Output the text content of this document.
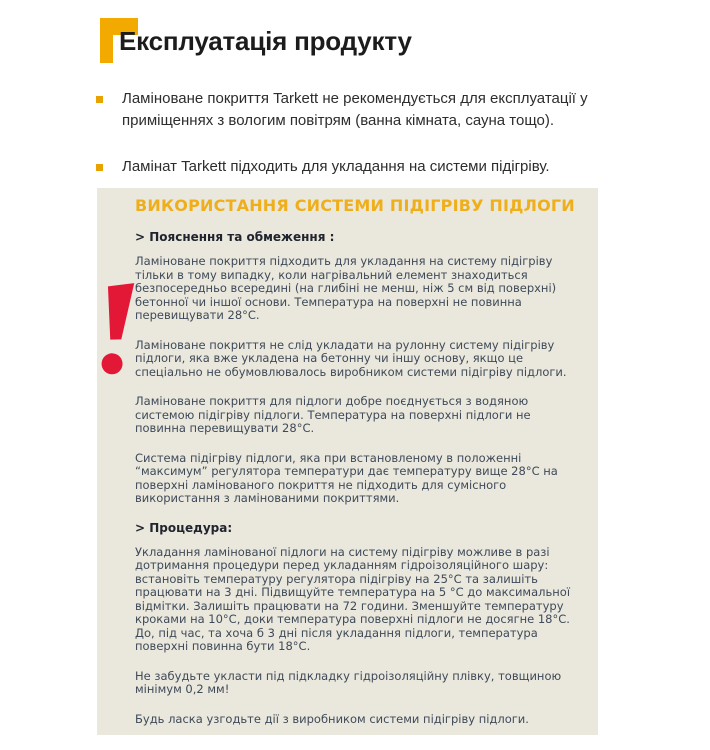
Експлуатація продукту
Ламіноване покриття Tarkett не рекомендується для експлуатації у приміщеннях з вологим повітрям (ванна кімната, сауна тощо).
Ламінат Tarkett підходить для укладання на системи підігріву.
ВИКОРИСТАННЯ СИСТЕМИ ПІДІГРІВУ ПІДЛОГИ
> Пояснення та обмеження :

Ламіноване покриття підходить для укладання на систему підігріву тільки в тому випадку, коли нагрівальний елемент знаходиться безпосередньо всередині (на глибіні не менш, ніж 5 см від поверхні) бетонної чи іншої основи. Температура на поверхні не повинна перевищувати 28°С.

Ламіноване покриття не слід укладати на рулонну систему підігріву підлоги, яка вже укладена на бетонну чи іншу основу, якщо це спеціально не обумовлювалось виробником системи підігріву підлоги.

Ламіноване покриття для підлоги добре поєднується з водяною системою підігріву підлоги. Температура на поверхні підлоги не повинна перевищувати 28°С.

Система підігріву підлоги, яка при встановленому в положенні “максимум” регулятора температури дає температуру вище 28°С на поверхні ламінованого покриття не підходить для сумісного використання з ламінованими покриттями.

> Процедура:

Укладання ламінованої підлоги на систему підігріву можливе в разі дотримання процедури перед укладанням гідроізоляційного шару: встановіть температуру регулятора підігріву на 25°С та залишіть працювати на 3 дні. Підвищуйте температура на 5 °С до максимальної відмітки. Залишіть працювати на 72 години. Зменшуйте температуру кроками на 10°С, доки температура поверхні підлоги не досягне 18°С. До, під час, та хоча б 3 дні після укладання підлоги, температура поверхні повинна бути 18°С.

Не забудьте укласти під підкладку гідроізоляційну плівку, товщиною мінімум 0,2 мм!

Будь ласка узгодьте дії з виробником системи підігріву підлоги.
